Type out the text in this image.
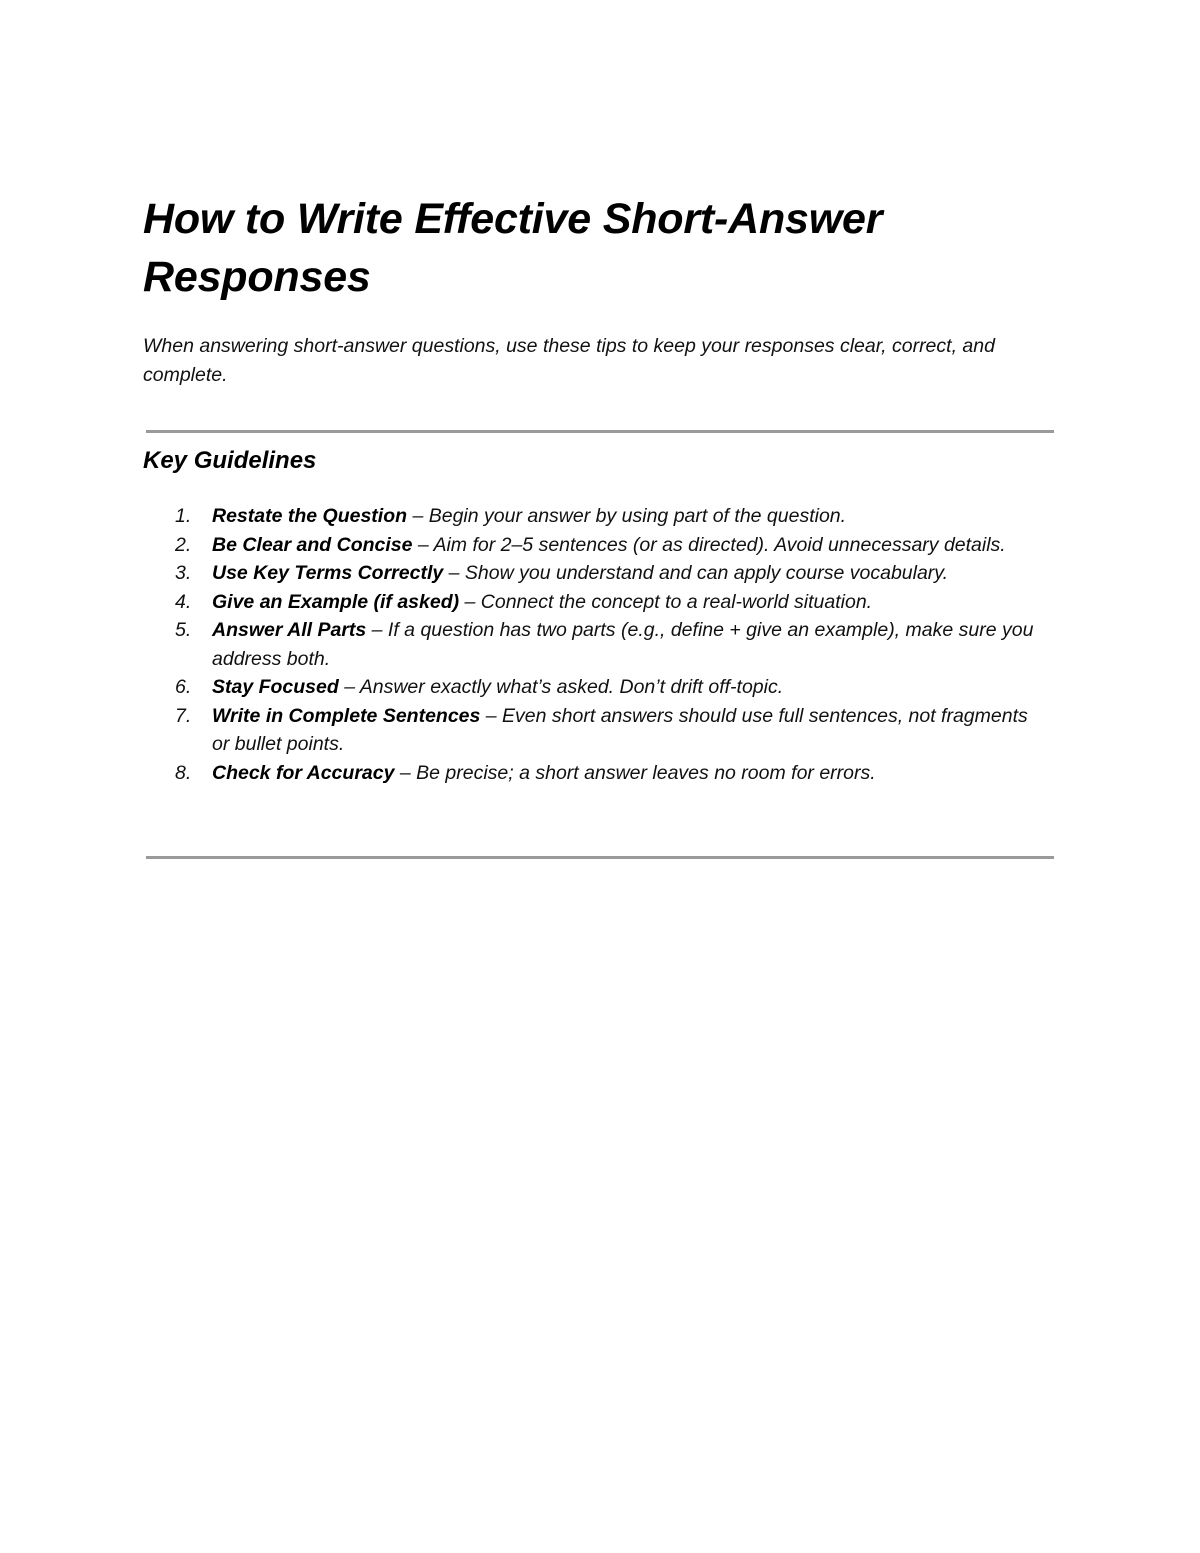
How to Write Effective Short-Answer Responses

When answering short-answer questions, use these tips to keep your responses clear, correct, and complete.

Key Guidelines
1. Restate the Question – Begin your answer by using part of the question.
2. Be Clear and Concise – Aim for 2–5 sentences (or as directed). Avoid unnecessary details.
3. Use Key Terms Correctly – Show you understand and can apply course vocabulary.
4. Give an Example (if asked) – Connect the concept to a real-world situation.
5. Answer All Parts – If a question has two parts (e.g., define + give an example), make sure you address both.
6. Stay Focused – Answer exactly what’s asked. Don’t drift off-topic.
7. Write in Complete Sentences – Even short answers should use full sentences, not fragments or bullet points.
8. Check for Accuracy – Be precise; a short answer leaves no room for errors.
